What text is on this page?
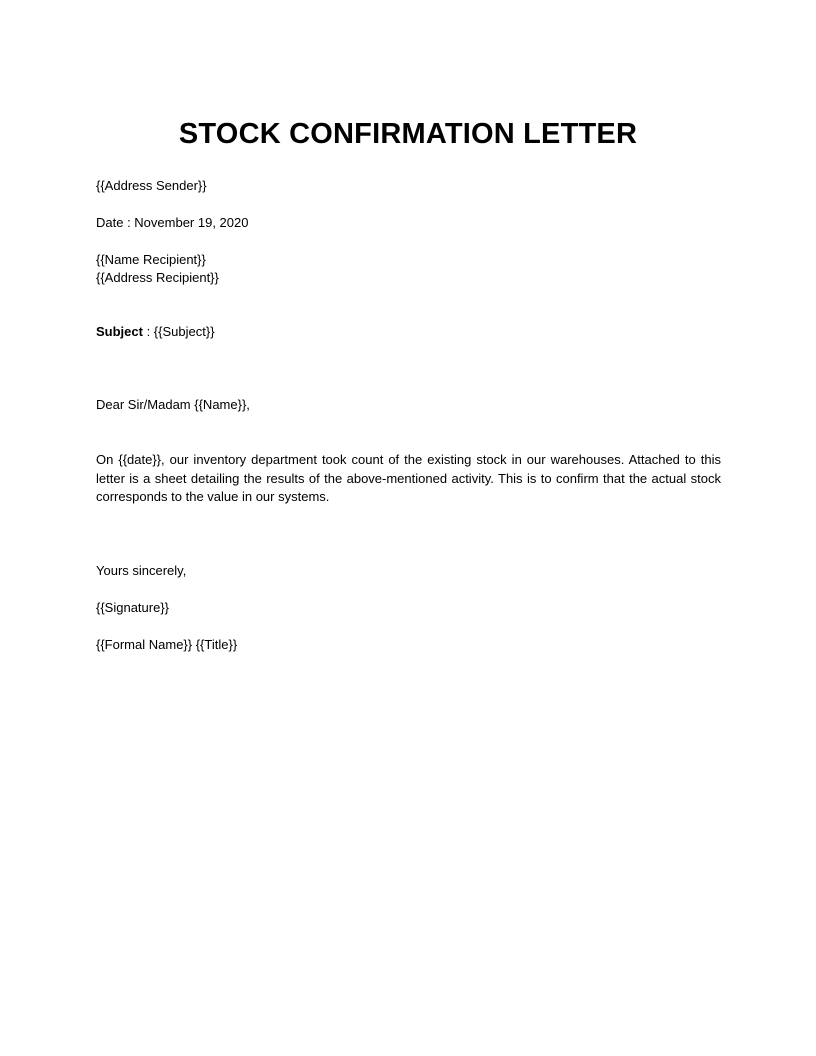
STOCK CONFIRMATION LETTER
{{Address Sender}}
Date : November 19, 2020
{{Name Recipient}}
{{Address Recipient}}
Subject : {{Subject}}
Dear Sir/Madam {{Name}},

On {{date}}, our inventory department took count of the existing stock in our warehouses. Attached to this letter is a sheet detailing the results of the above-mentioned activity. This is to confirm that the actual stock corresponds to the value in our systems.

Yours sincerely,
{{Signature}}
{{Formal Name}} {{Title}}
